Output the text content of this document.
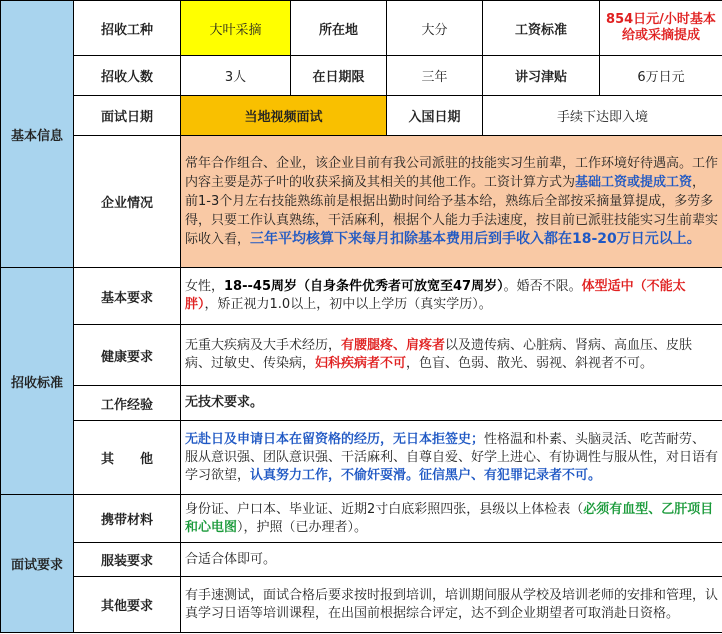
基本信息	招收工种	大叶采摘	所在地	大分	工资标准	854日元/小时基本给或采摘提成

	招收人数	3人	在日期限	三年	讲习津贴	6万日元
	面试日期	当地视频面试		入国日期	手续下达即入境	
	企业情况	常年合作组合、企业，该企业目前有我公司派驻的技能实习生前辈，工作环境好待遇高。工作内容主要是苏子叶的收获采摘及其相关的其他工作。工资计算方式为基础工资或提成工资，前1-3个月左右技能熟练前是根据出勤时间给予基本给，熟练后全部按采摘量算提成，多劳多得，只要工作认真熟练，干活麻利，根据个人能力手法速度，按目前已派驻技能实习生前辈实际收入看，三年平均核算下来每月扣除基本费用后到手收入都在18-20万日元以上。				
招收标准	基本要求	女性，18--45周岁（自身条件优秀者可放宽至47周岁）。婚否不限。体型适中（不能太胖），矫正视力1.0以上，初中以上学历（真实学历）。				
	健康要求	无重大疾病及大手术经历，有腰腿疼、肩疼者以及遗传病、心脏病、肾病、高血压、皮肤病、过敏史、传染病，妇科疾病者不可，色盲、色弱、散光、弱视、斜视者不可。				
	工作经验	无技术要求。				
	其　　他	无赴日及申请日本在留资格的经历，无日本拒签史；性格温和朴素、头脑灵活、吃苦耐劳、服从意识强、团队意识强、干活麻利、自尊自爱、好学上进心、有协调性与服从性，对日语有学习欲望，认真努力工作，不偷奸耍滑。征信黑户、有犯罪记录者不可。				
面试要求	携带材料	身份证、户口本、毕业证、近期2寸白底彩照四张，县级以上体检表（必须有血型、乙肝项目和心电图），护照（已办理者）。				
	服装要求	合适合体即可。				
	其他要求	有手速测试，面试合格后要求按时报到培训，培训期间服从学校及培训老师的安排和管理，认真学习日语等培训课程，在出国前根据综合评定，达不到企业期望者可取消赴日资格。				
